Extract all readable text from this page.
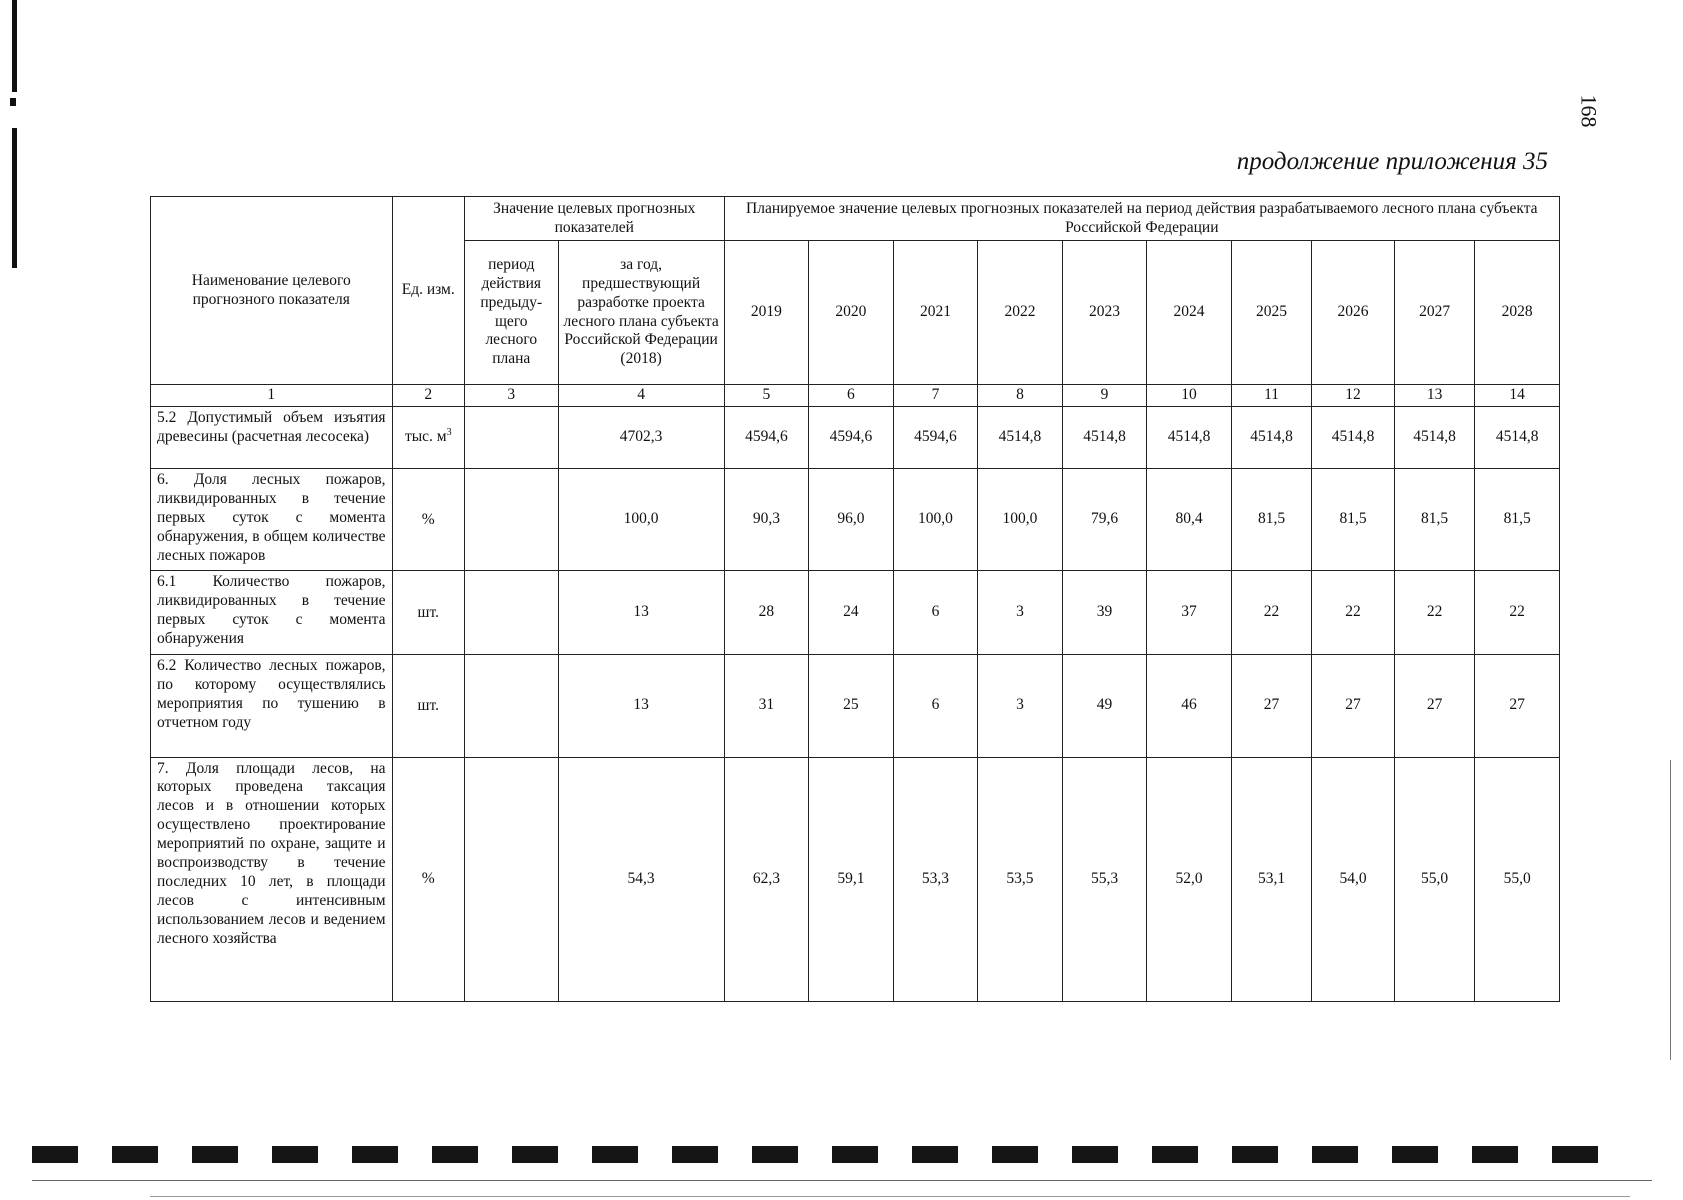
168
продолжение приложения 35
Наименование целевого прогнозного показателя	Ед. изм.	Значение целевых прогнозных показателей		Планируемое значение целевых прогнозных показателей на период действия разрабатываемого лесного плана субъекта Российской Федерации									
		период действия предыду-щего лесного плана	за год, предшествующий разработке проекта лесного плана субъекта Российской Федерации (2018)	2019	2020	2021	2022	2023	2024	2025	2026	2027	2028
1	2	3	4	5	6	7	8	9	10	11	12	13	14
5.2 Допустимый объем изъятия древесины (расчетная лесосека)	тыс. $м^3$		4702,3	4594,6	4594,6	4594,6	4514,8	4514,8	4514,8	4514,8	4514,8	4514,8	4514,8
6. Доля лесных пожаров, ликвидированных в течение первых суток с момента обнаружения, в общем количестве лесных пожаров	%		100,0	90,3	96,0	100,0	100,0	79,6	80,4	81,5	81,5	81,5	81,5
6.1 Количество пожаров, ликвидированных в течение первых суток с момента обнаружения	шт.		13	28	24	6	3	39	37	22	22	22	22
6.2 Количество лесных пожаров, по которому осуществлялись мероприятия по тушению в отчетном году	шт.		13	31	25	6	3	49	46	27	27	27	27
7. Доля площади лесов, на которых проведена таксация лесов и в отношении которых осуществлено проектирование мероприятий по охране, защите и воспроизводству в течение последних 10 лет, в площади лесов с интенсивным использованием лесов и ведением лесного хозяйства	%		54,3	62,3	59,1	53,3	53,5	55,3	52,0	53,1	54,0	55,0	55,0
